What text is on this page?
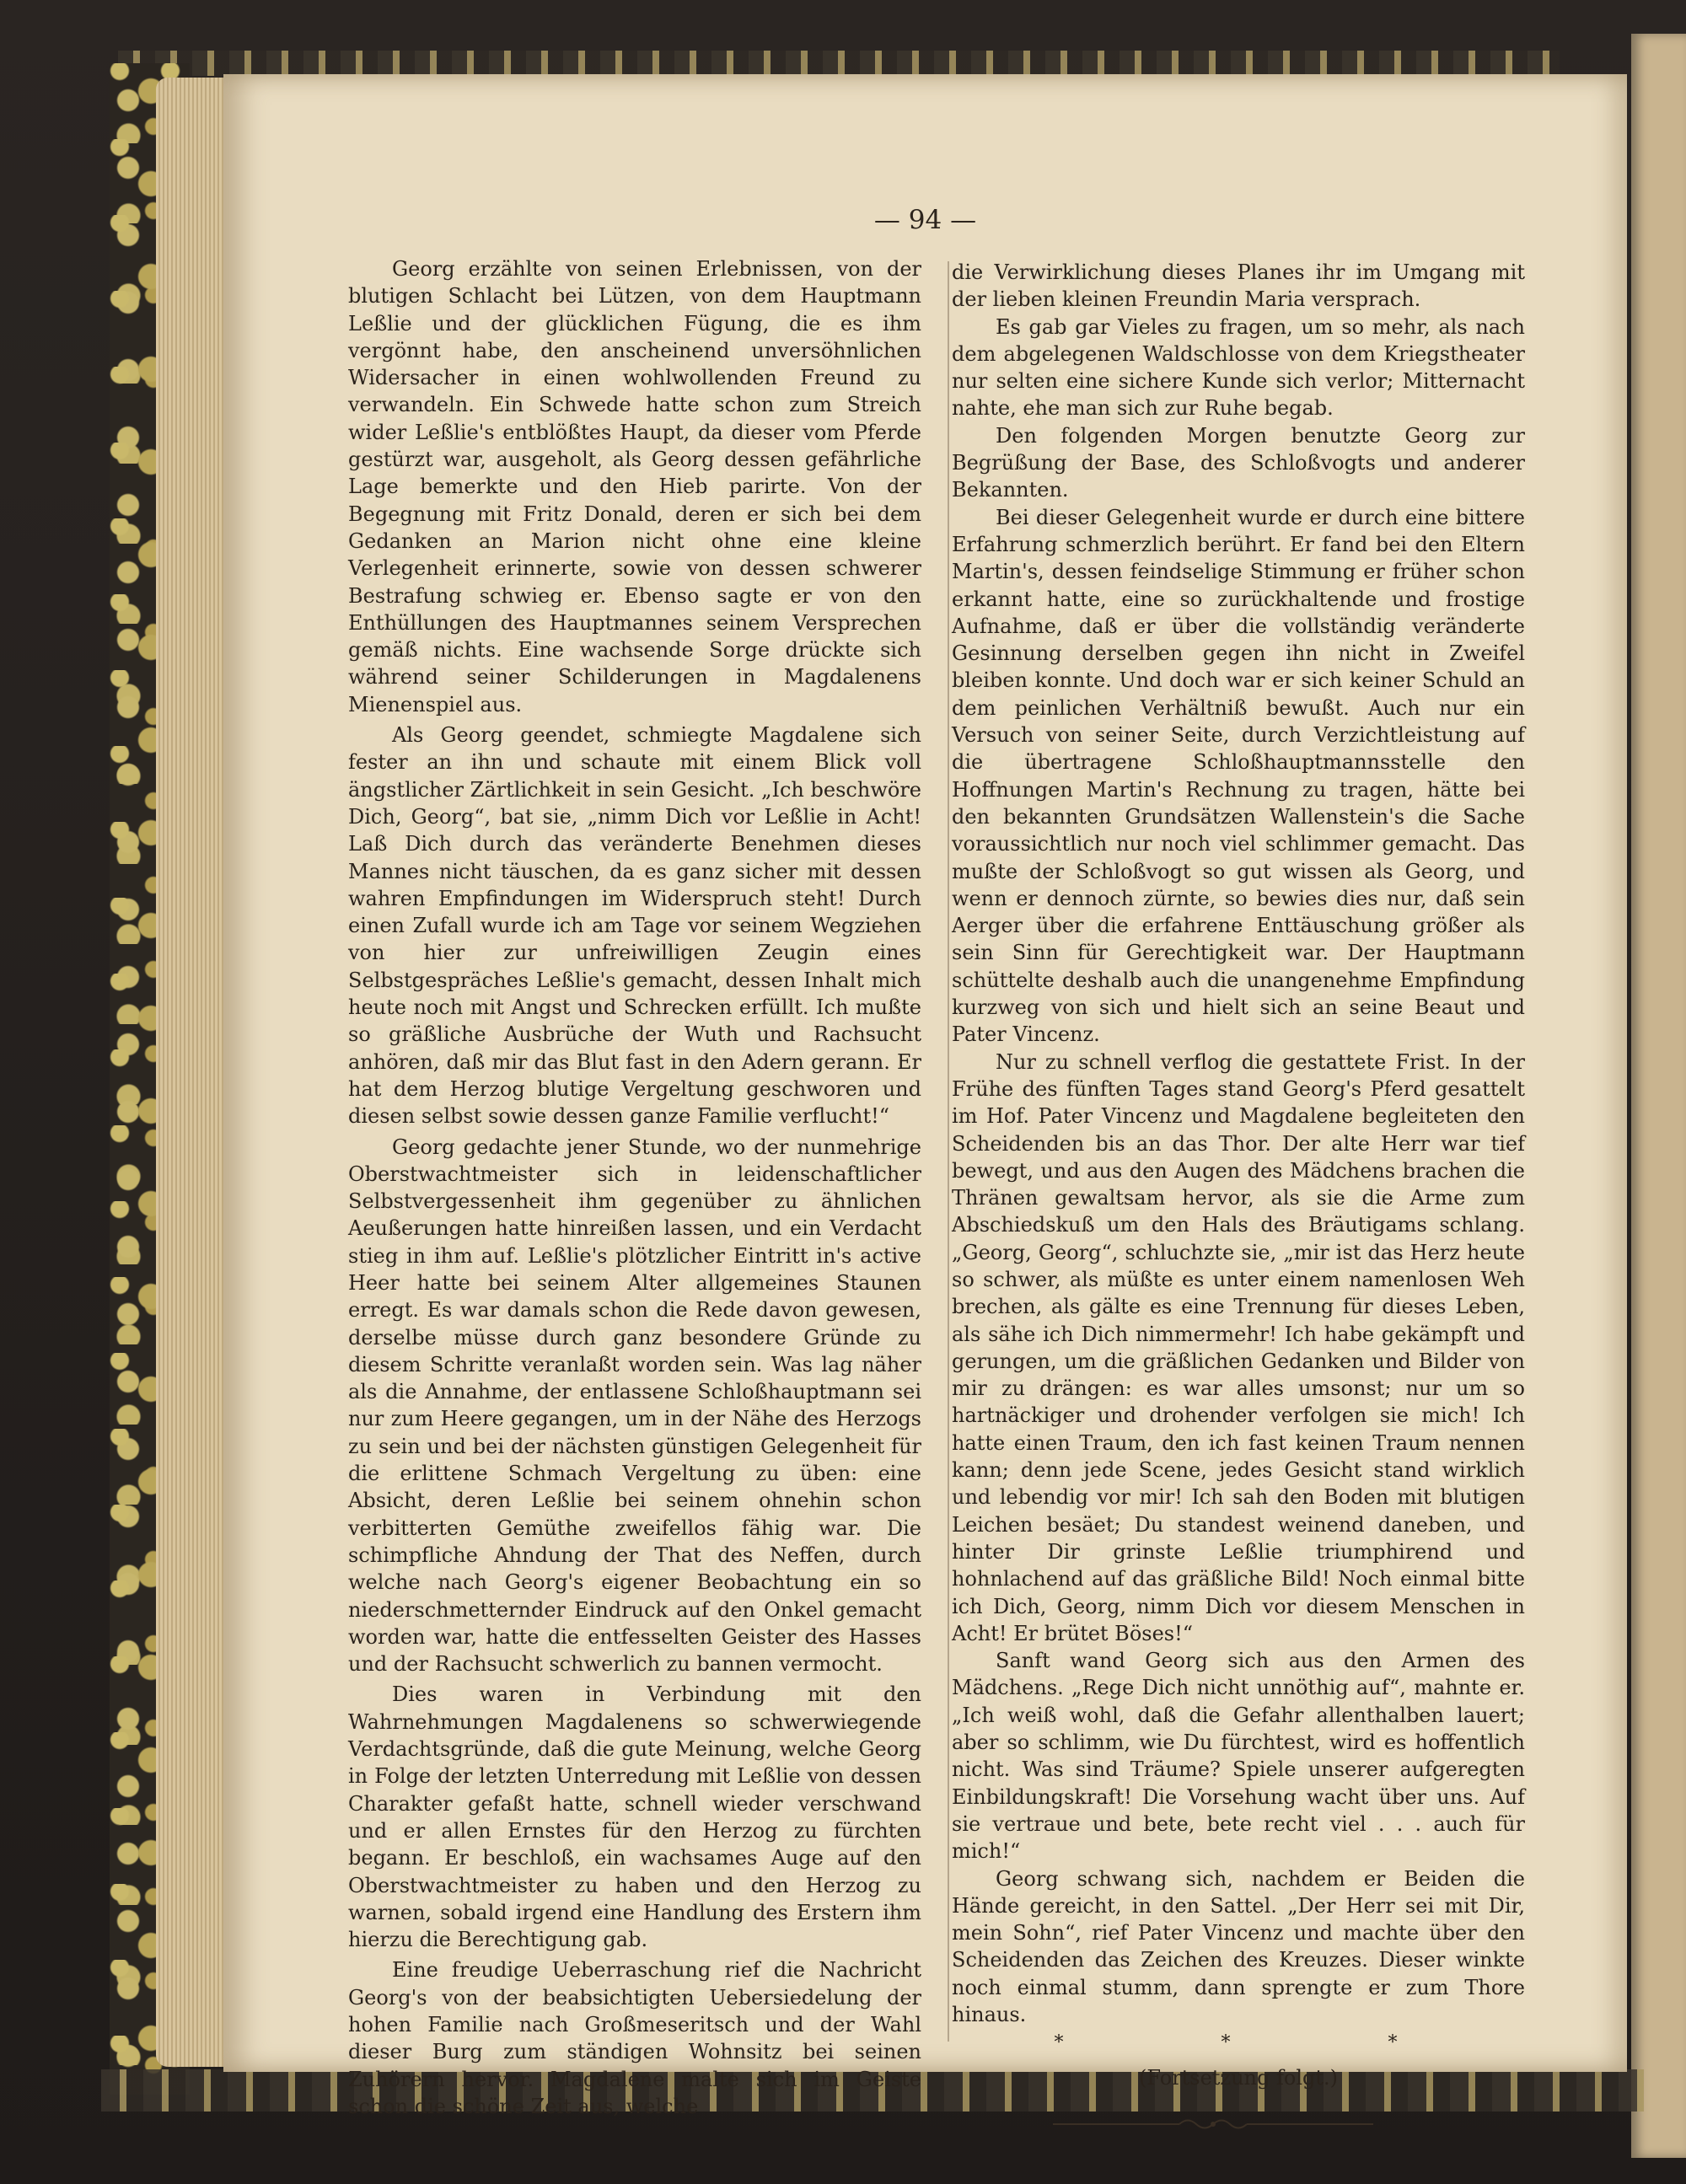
— 94 —

Georg erzählte von seinen Erlebnissen, von der blutigen Schlacht bei Lützen, von dem Hauptmann Leßlie und der glücklichen Fügung, die es ihm vergönnt habe, den anscheinend unversöhnlichen Widersacher in einen wohlwollenden Freund zu verwandeln. Ein Schwede hatte schon zum Streich wider Leßlie's entblößtes Haupt, da dieser vom Pferde gestürzt war, ausgeholt, als Georg dessen gefährliche Lage bemerkte und den Hieb parirte. Von der Begegnung mit Fritz Donald, deren er sich bei dem Gedanken an Marion nicht ohne eine kleine Verlegenheit erinnerte, sowie von dessen schwerer Bestrafung schwieg er. Ebenso sagte er von den Enthüllungen des Hauptmannes seinem Versprechen gemäß nichts. Eine wachsende Sorge drückte sich während seiner Schilderungen in Magdalenens Mienenspiel aus.

Als Georg geendet, schmiegte Magdalene sich fester an ihn und schaute mit einem Blick voll ängstlicher Zärtlichkeit in sein Gesicht. „Ich beschwöre Dich, Georg“, bat sie, „nimm Dich vor Leßlie in Acht! Laß Dich durch das veränderte Benehmen dieses Mannes nicht täuschen, da es ganz sicher mit dessen wahren Empfindungen im Widerspruch steht! Durch einen Zufall wurde ich am Tage vor seinem Wegziehen von hier zur unfreiwilligen Zeugin eines Selbstgespräches Leßlie's gemacht, dessen Inhalt mich heute noch mit Angst und Schrecken erfüllt. Ich mußte so gräßliche Ausbrüche der Wuth und Rachsucht anhören, daß mir das Blut fast in den Adern gerann. Er hat dem Herzog blutige Vergeltung geschworen und diesen selbst sowie dessen ganze Familie verflucht!“

Georg gedachte jener Stunde, wo der nunmehrige Oberstwachtmeister sich in leidenschaftlicher Selbstvergessenheit ihm gegenüber zu ähnlichen Aeußerungen hatte hinreißen lassen, und ein Verdacht stieg in ihm auf. Leßlie's plötzlicher Eintritt in's active Heer hatte bei seinem Alter allgemeines Staunen erregt. Es war damals schon die Rede davon gewesen, derselbe müsse durch ganz besondere Gründe zu diesem Schritte veranlaßt worden sein. Was lag näher als die Annahme, der entlassene Schloßhauptmann sei nur zum Heere gegangen, um in der Nähe des Herzogs zu sein und bei der nächsten günstigen Gelegenheit für die erlittene Schmach Vergeltung zu üben: eine Absicht, deren Leßlie bei seinem ohnehin schon verbitterten Gemüthe zweifellos fähig war. Die schimpfliche Ahndung der That des Neffen, durch welche nach Georg's eigener Beobachtung ein so niederschmetternder Eindruck auf den Onkel gemacht worden war, hatte die entfesselten Geister des Hasses und der Rachsucht schwerlich zu bannen vermocht.

Dies waren in Verbindung mit den Wahrnehmungen Magdalenens so schwerwiegende Verdachtsgründe, daß die gute Meinung, welche Georg in Folge der letzten Unterredung mit Leßlie von dessen Charakter gefaßt hatte, schnell wieder verschwand und er allen Ernstes für den Herzog zu fürchten begann. Er beschloß, ein wachsames Auge auf den Oberstwachtmeister zu haben und den Herzog zu warnen, sobald irgend eine Handlung des Erstern ihm hierzu die Berechtigung gab.

Eine freudige Ueberraschung rief die Nachricht Georg's von der beabsichtigten Uebersiedelung der hohen Familie nach Großmeseritsch und der Wahl dieser Burg zum ständigen Wohnsitz bei seinen Zuhörern hervor. Magdalene malte sich im Geiste schon die schöne Zeit aus, welche

die Verwirklichung dieses Planes ihr im Umgang mit der lieben kleinen Freundin Maria versprach.

Es gab gar Vieles zu fragen, um so mehr, als nach dem abgelegenen Waldschlosse von dem Kriegstheater nur selten eine sichere Kunde sich verlor; Mitternacht nahte, ehe man sich zur Ruhe begab.

Den folgenden Morgen benutzte Georg zur Begrüßung der Base, des Schloßvogts und anderer Bekannten.

Bei dieser Gelegenheit wurde er durch eine bittere Erfahrung schmerzlich berührt. Er fand bei den Eltern Martin's, dessen feindselige Stimmung er früher schon erkannt hatte, eine so zurückhaltende und frostige Aufnahme, daß er über die vollständig veränderte Gesinnung derselben gegen ihn nicht in Zweifel bleiben konnte. Und doch war er sich keiner Schuld an dem peinlichen Verhältniß bewußt. Auch nur ein Versuch von seiner Seite, durch Verzichtleistung auf die übertragene Schloßhauptmannsstelle den Hoffnungen Martin's Rechnung zu tragen, hätte bei den bekannten Grundsätzen Wallenstein's die Sache voraussichtlich nur noch viel schlimmer gemacht. Das mußte der Schloßvogt so gut wissen als Georg, und wenn er dennoch zürnte, so bewies dies nur, daß sein Aerger über die erfahrene Enttäuschung größer als sein Sinn für Gerechtigkeit war. Der Hauptmann schüttelte deshalb auch die unangenehme Empfindung kurzweg von sich und hielt sich an seine Beaut und Pater Vincenz.

Nur zu schnell verflog die gestattete Frist. In der Frühe des fünften Tages stand Georg's Pferd gesattelt im Hof. Pater Vincenz und Magdalene begleiteten den Scheidenden bis an das Thor. Der alte Herr war tief bewegt, und aus den Augen des Mädchens brachen die Thränen gewaltsam hervor, als sie die Arme zum Abschiedskuß um den Hals des Bräutigams schlang. „Georg, Georg“, schluchzte sie, „mir ist das Herz heute so schwer, als müßte es unter einem namenlosen Weh brechen, als gälte es eine Trennung für dieses Leben, als sähe ich Dich nimmermehr! Ich habe gekämpft und gerungen, um die gräßlichen Gedanken und Bilder von mir zu drängen: es war alles umsonst; nur um so hartnäckiger und drohender verfolgen sie mich! Ich hatte einen Traum, den ich fast keinen Traum nennen kann; denn jede Scene, jedes Gesicht stand wirklich und lebendig vor mir! Ich sah den Boden mit blutigen Leichen besäet; Du standest weinend daneben, und hinter Dir grinste Leßlie triumphirend und hohnlachend auf das gräßliche Bild! Noch einmal bitte ich Dich, Georg, nimm Dich vor diesem Menschen in Acht! Er brütet Böses!“

Sanft wand Georg sich aus den Armen des Mädchens. „Rege Dich nicht unnöthig auf“, mahnte er. „Ich weiß wohl, daß die Gefahr allenthalben lauert; aber so schlimm, wie Du fürchtest, wird es hoffentlich nicht. Was sind Träume? Spiele unserer aufgeregten Einbildungskraft! Die Vorsehung wacht über uns. Auf sie vertraue und bete, bete recht viel . . . auch für mich!“

Georg schwang sich, nachdem er Beiden die Hände gereicht, in den Sattel. „Der Herr sei mit Dir, mein Sohn“, rief Pater Vincenz und machte über den Scheidenden das Zeichen des Kreuzes. Dieser winkte noch einmal stumm, dann sprengte er zum Thore hinaus.

* * *
(Fortsetzung folgt.)
